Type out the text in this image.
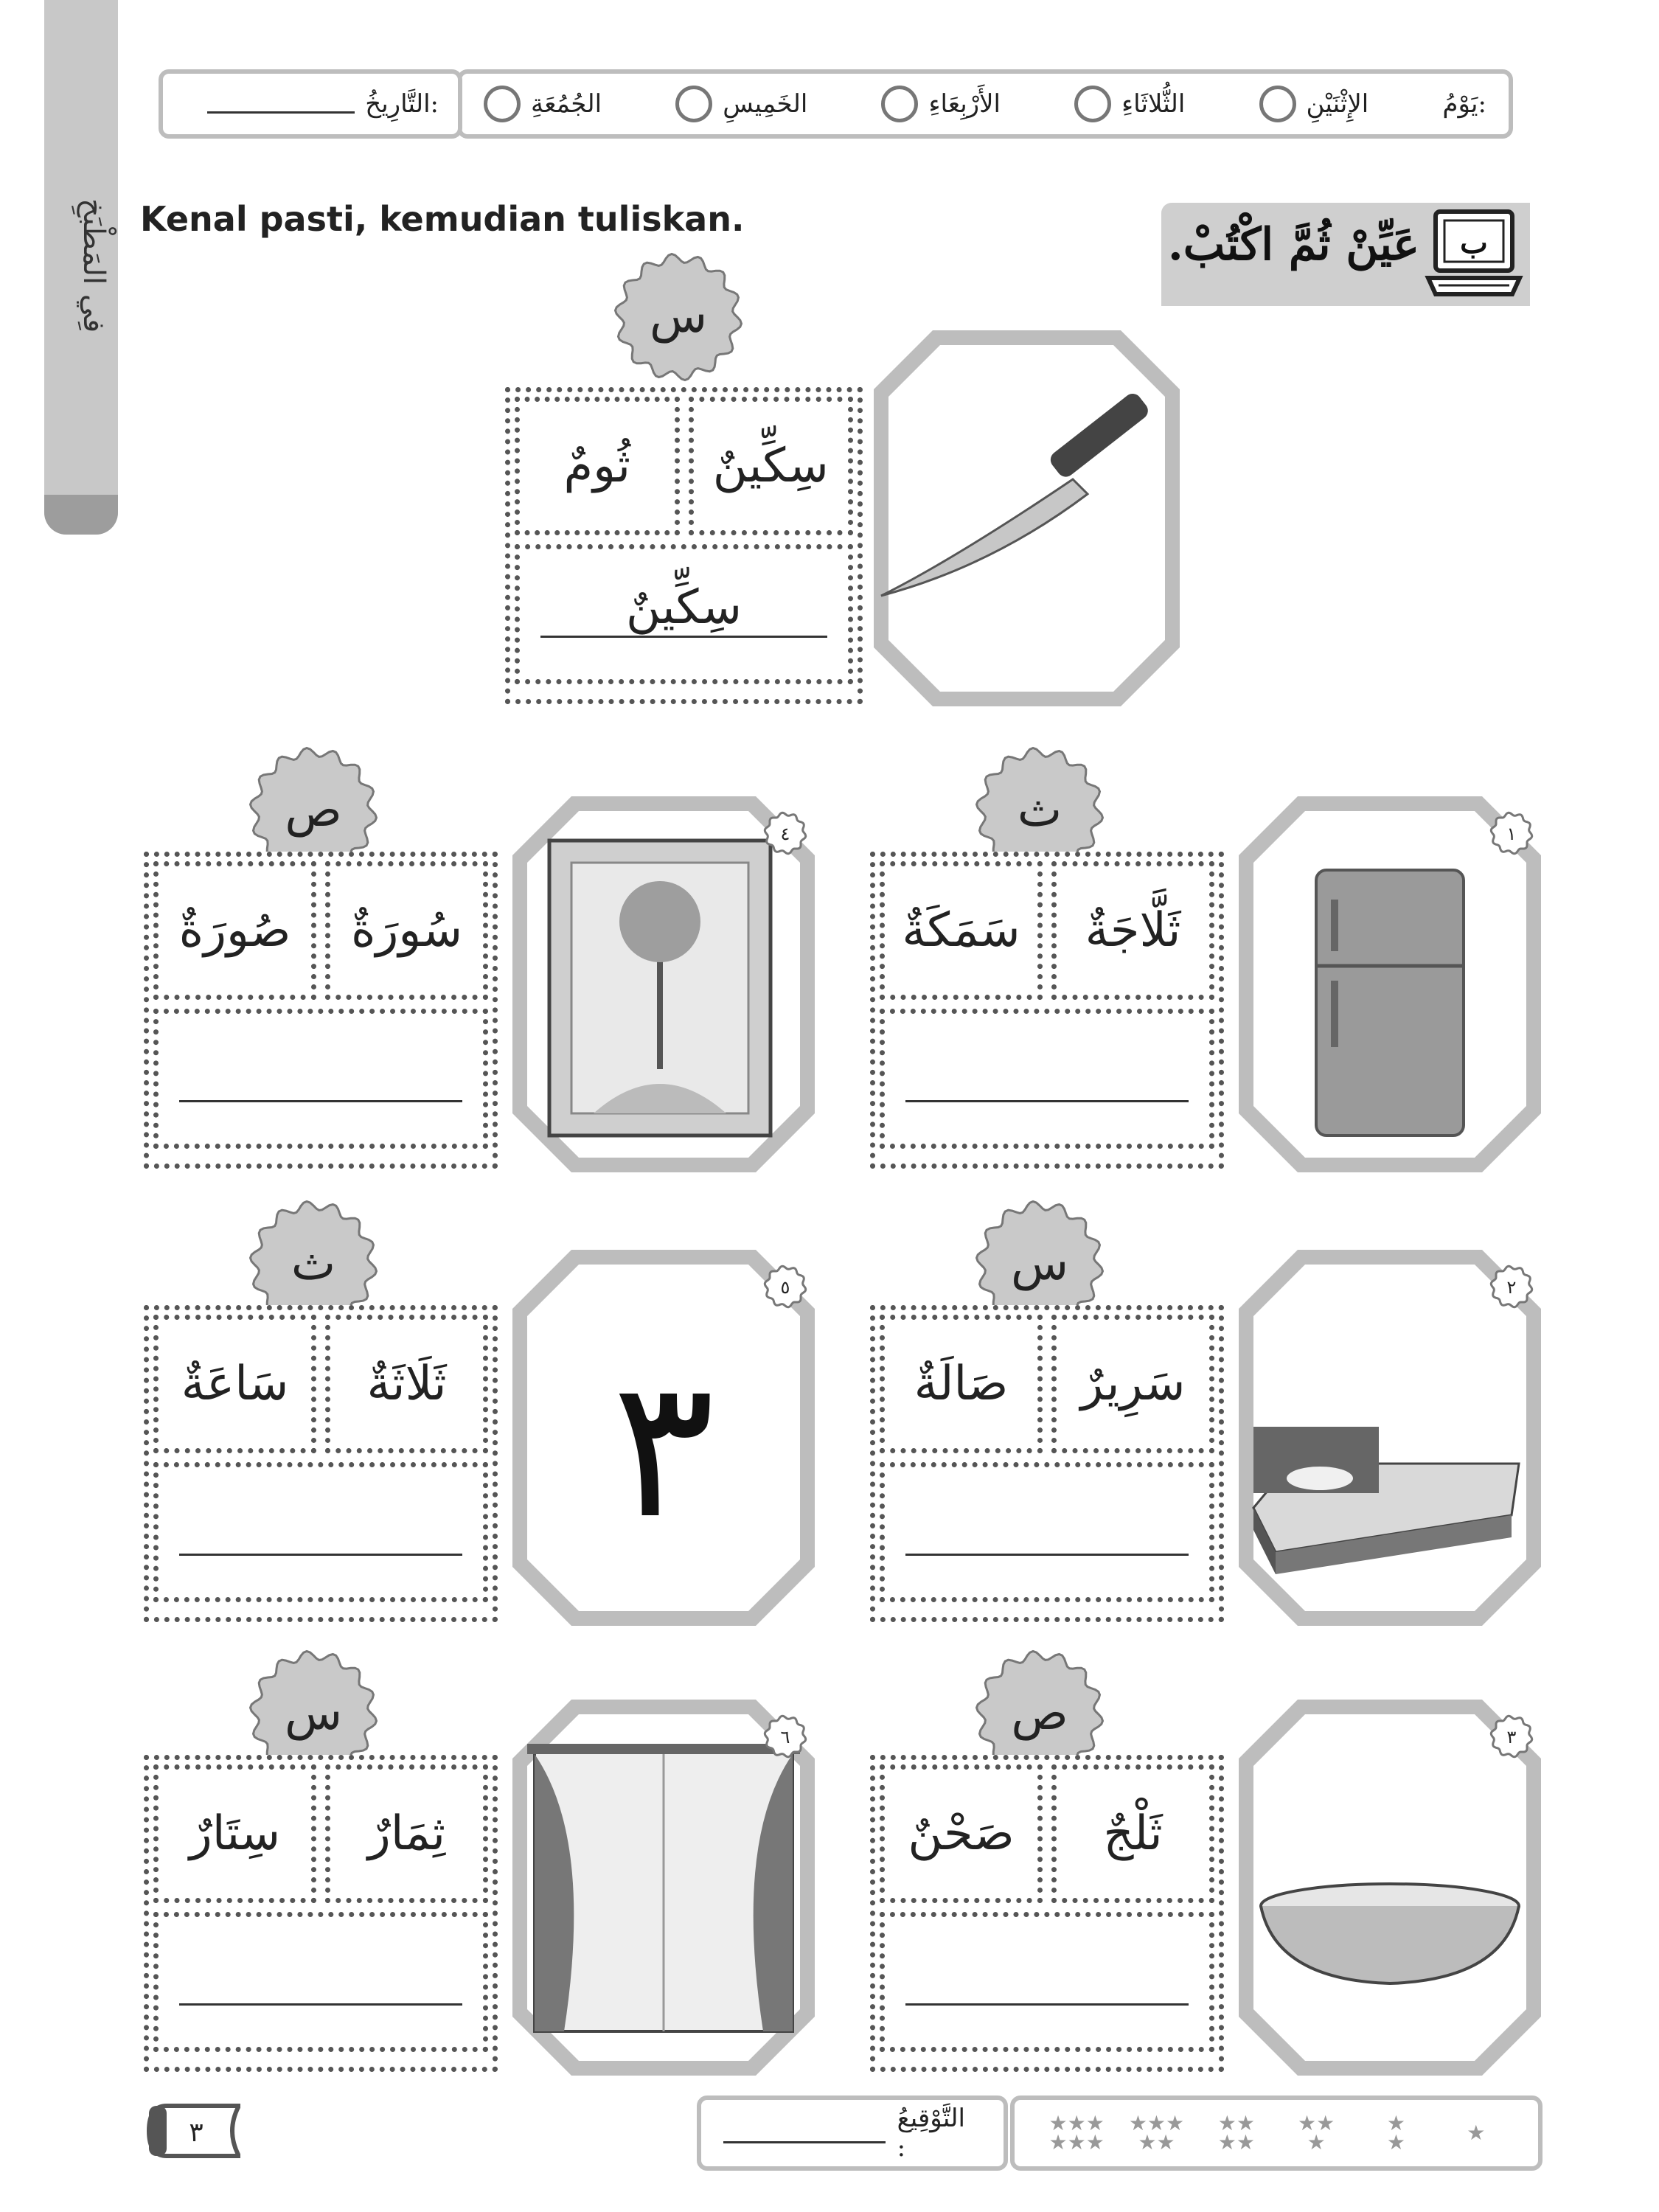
فِي المَطْبَخِ
يَوْمُ:
الإِثْنَيْنِ
الثُّلاثَاءِ
الأَرْبِعَاءِ
الخَمِيسِ
الجُمُعَةِ
التَّارِيخُ:
Kenal pasti, kemudian tuliskan.	عَيِّنْ ثُمَّ اكْتُبْ. ب
س
ثُومٌ	سِكِّينٌ
سِكِّينٌ
ث
سَمَكَةٌ	ثَلَّاجَةٌ
١
س
صَالَةٌ	سَرِيرٌ
٢
ص
صَحْنٌ	ثَلْجٌ
٣
ص
صُورَةٌ	سُورَةٌ
٤
ث
سَاعَةٌ	ثَلَاثَةٌ ٣
٥
س
سِتَارٌ	ثِمَارٌ
٦
٣	التَّوْقِيعُ :
★

★
★
★★
★
★★
★★
★★★
★★
★★★
★★★
